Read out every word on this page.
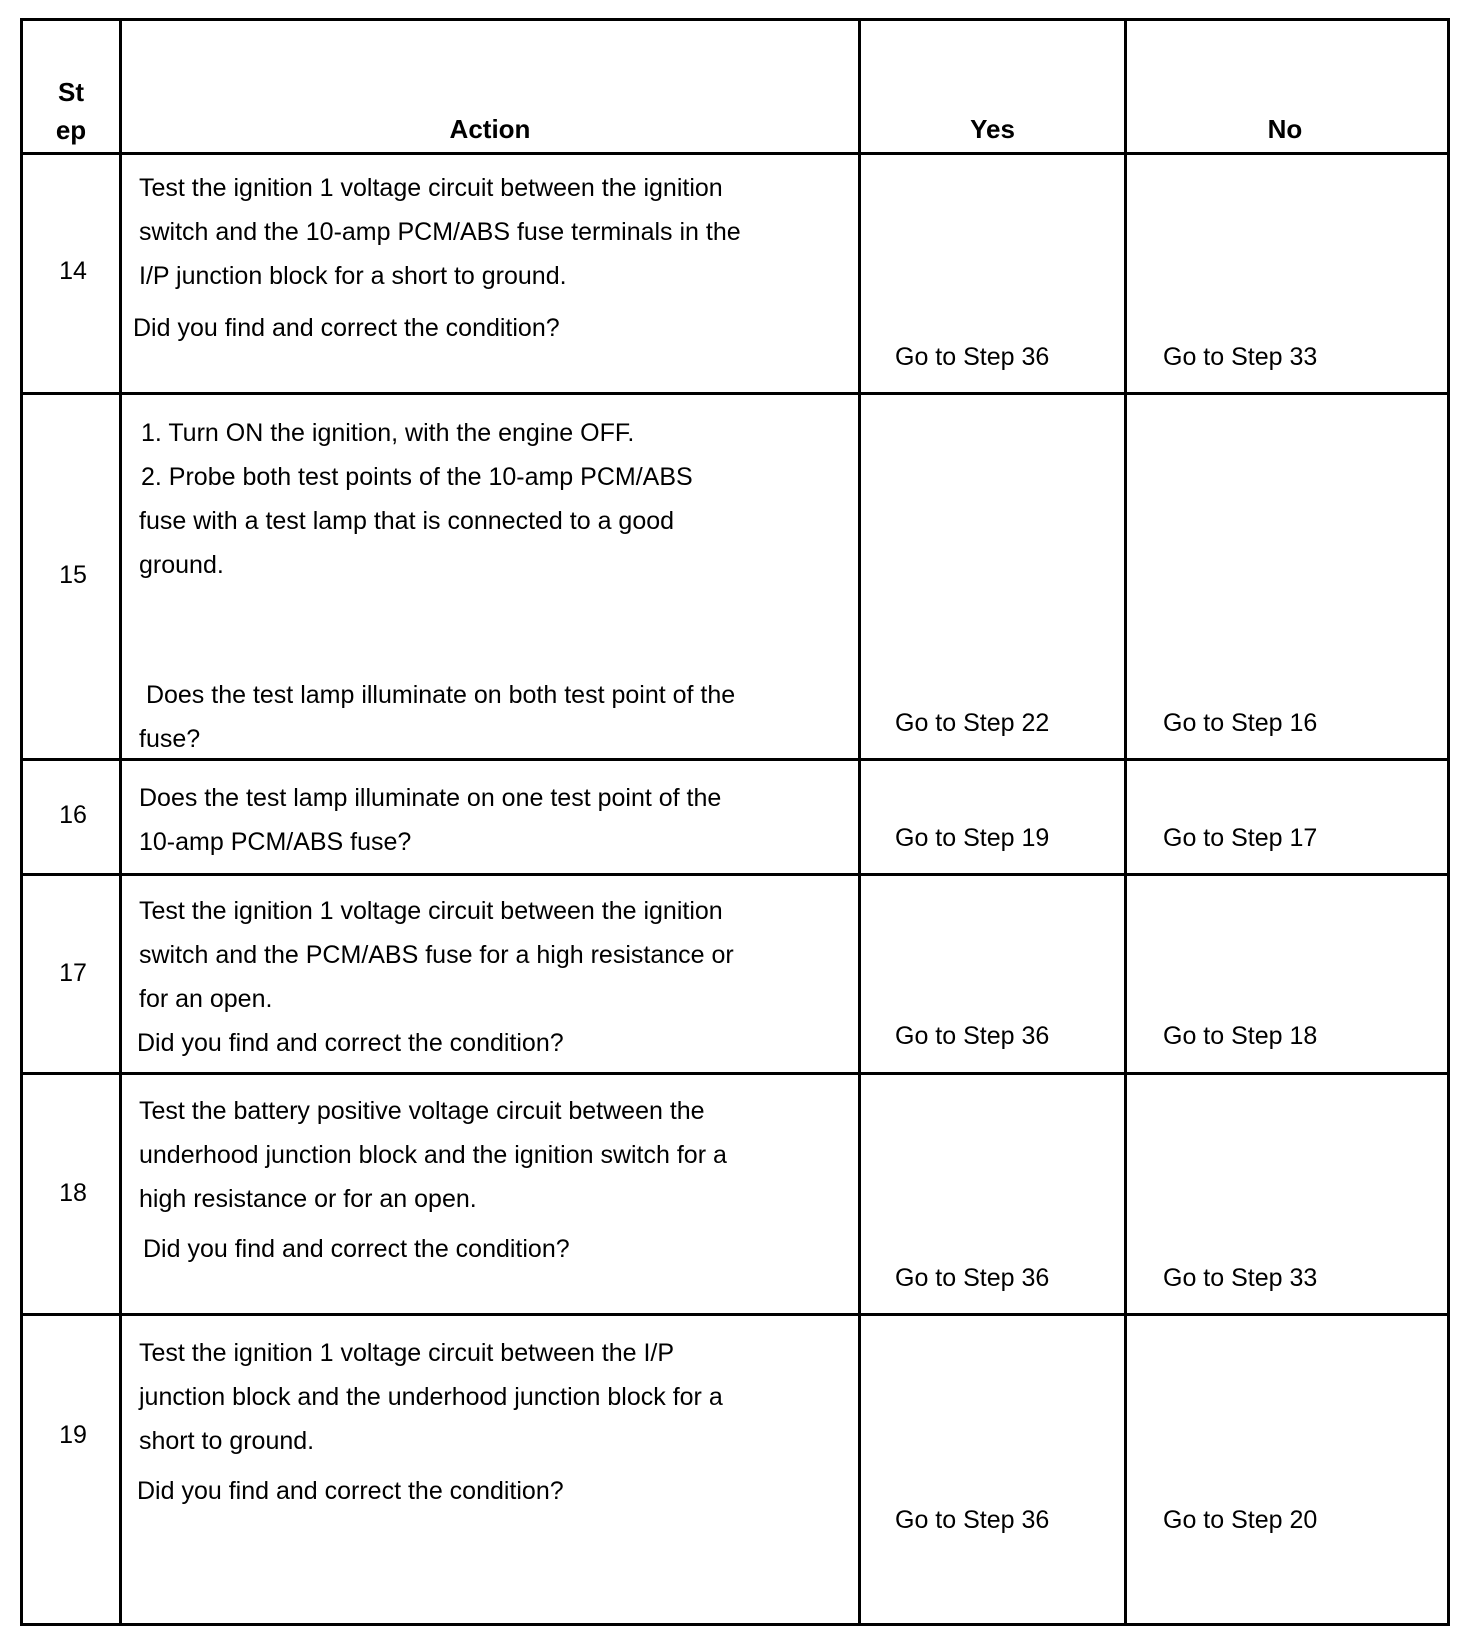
St
ep	Action	Yes	No
14
Test the ignition 1 voltage circuit between the ignition
switch and the 10-amp PCM/ABS fuse terminals in the
I/P junction block for a short to ground.
Did you find and correct the condition?
Go to Step 36	Go to Step 33
15
1. Turn ON the ignition, with the engine OFF.
2. Probe both test points of the 10-amp PCM/ABS
fuse with a test lamp that is connected to a good
ground.
Does the test lamp illuminate on both test point of the
fuse?
Go to Step 22	Go to Step 16
16
Does the test lamp illuminate on one test point of the
10-amp PCM/ABS fuse?	Go to Step 19	Go to Step 17
17
Test the ignition 1 voltage circuit between the ignition
switch and the PCM/ABS fuse for a high resistance or
for an open.
Did you find and correct the condition?	Go to Step 36	Go to Step 18
18
Test the battery positive voltage circuit between the
underhood junction block and the ignition switch for a
high resistance or for an open.
Did you find and correct the condition?
Go to Step 36	Go to Step 33
19
Test the ignition 1 voltage circuit between the I/P
junction block and the underhood junction block for a
short to ground.
Did you find and correct the condition?
Go to Step 36	Go to Step 20
